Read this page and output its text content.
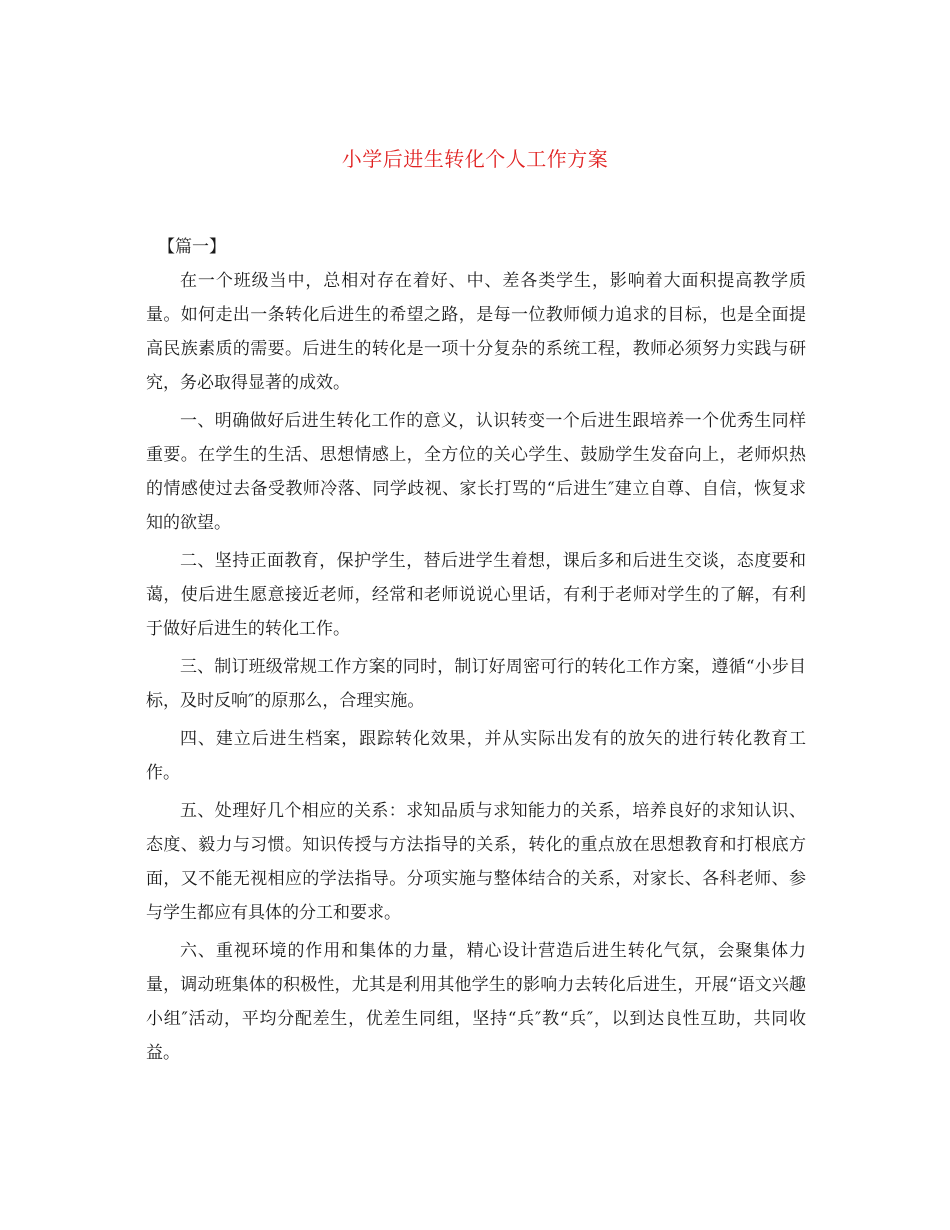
小学后进生转化个人工作方案

【篇一】

在一个班级当中，总相对存在着好、中、差各类学生，影响着大面积提高教学质量。如何走出一条转化后进生的希望之路，是每一位教师倾力追求的目标，也是全面提高民族素质的需要。后进生的转化是一项十分复杂的系统工程，教师必须努力实践与研究，务必取得显著的成效。

一、明确做好后进生转化工作的意义，认识转变一个后进生跟培养一个优秀生同样重要。在学生的生活、思想情感上，全方位的关心学生、鼓励学生发奋向上，老师炽热的情感使过去备受教师冷落、同学歧视、家长打骂的“后进生″建立自尊、自信，恢复求知的欲望。

二、坚持正面教育，保护学生，替后进学生着想，课后多和后进生交谈，态度要和蔼，使后进生愿意接近老师，经常和老师说说心里话，有利于老师对学生的了解，有利于做好后进生的转化工作。

三、制订班级常规工作方案的同时，制订好周密可行的转化工作方案，遵循“小步目标，及时反响″的原那么，合理实施。

四、建立后进生档案，跟踪转化效果，并从实际出发有的放矢的进行转化教育工作。

五、处理好几个相应的关系：求知品质与求知能力的关系，培养良好的求知认识、态度、毅力与习惯。知识传授与方法指导的关系，转化的重点放在思想教育和打根底方面，又不能无视相应的学法指导。分项实施与整体结合的关系，对家长、各科老师、参与学生都应有具体的分工和要求。

六、重视环境的作用和集体的力量，精心设计营造后进生转化气氛，会聚集体力量，调动班集体的积极性，尤其是利用其他学生的影响力去转化后进生，开展“语文兴趣小组″活动，平均分配差生，优差生同组，坚持“兵″教“兵″，以到达良性互助，共同收益。
